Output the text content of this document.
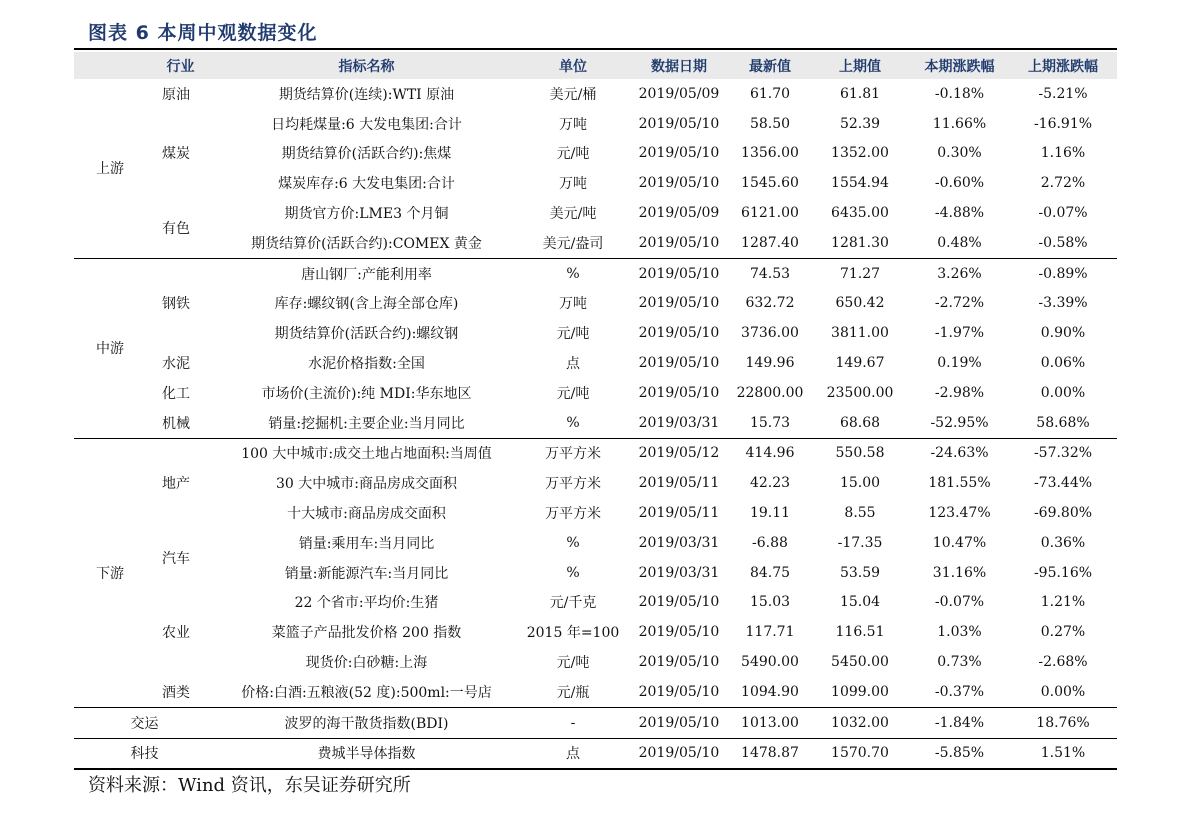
图表 6 本周中观数据变化
	行业	指标名称	单位	数据日期	最新值	上期值	本期涨跌幅	上期涨跌幅
上游	原油	期货结算价(连续):WTI 原油	美元/桶	2019/05/09	61.70	61.81	-0.18%	-5.21%
	煤炭	日均耗煤量:6 大发电集团:合计	万吨	2019/05/10	58.50	52.39	11.66%	-16.91%
		期货结算价(活跃合约):焦煤	元/吨	2019/05/10	1356.00	1352.00	0.30%	1.16%
		煤炭库存:6 大发电集团:合计	万吨	2019/05/10	1545.60	1554.94	-0.60%	2.72%
	有色	期货官方价:LME3 个月铜	美元/吨	2019/05/09	6121.00	6435.00	-4.88%	-0.07%
		期货结算价(活跃合约):COMEX 黄金	美元/盎司	2019/05/10	1287.40	1281.30	0.48%	-0.58%
中游	钢铁	唐山钢厂:产能利用率	%	2019/05/10	74.53	71.27	3.26%	-0.89%
		库存:螺纹钢(含上海全部仓库)	万吨	2019/05/10	632.72	650.42	-2.72%	-3.39%
		期货结算价(活跃合约):螺纹钢	元/吨	2019/05/10	3736.00	3811.00	-1.97%	0.90%
	水泥	水泥价格指数:全国	点	2019/05/10	149.96	149.67	0.19%	0.06%
	化工	市场价(主流价):纯 MDI:华东地区	元/吨	2019/05/10	22800.00	23500.00	-2.98%	0.00%
	机械	销量:挖掘机:主要企业:当月同比	%	2019/03/31	15.73	68.68	-52.95%	58.68%
下游	地产	100 大中城市:成交土地占地面积:当周值	万平方米	2019/05/12	414.96	550.58	-24.63%	-57.32%
		30 大中城市:商品房成交面积	万平方米	2019/05/11	42.23	15.00	181.55%	-73.44%
		十大城市:商品房成交面积	万平方米	2019/05/11	19.11	8.55	123.47%	-69.80%
	汽车	销量:乘用车:当月同比	%	2019/03/31	-6.88	-17.35	10.47%	0.36%
		销量:新能源汽车:当月同比	%	2019/03/31	84.75	53.59	31.16%	-95.16%
	农业	22 个省市:平均价:生猪	元/千克	2019/05/10	15.03	15.04	-0.07%	1.21%
		菜篮子产品批发价格 200 指数	2015 年=100	2019/05/10	117.71	116.51	1.03%	0.27%
		现货价:白砂糖:上海	元/吨	2019/05/10	5490.00	5450.00	0.73%	-2.68%
	酒类	价格:白酒:五粮液(52 度):500ml:一号店	元/瓶	2019/05/10	1094.90	1099.00	-0.37%	0.00%
交运		波罗的海干散货指数(BDI)	-	2019/05/10	1013.00	1032.00	-1.84%	18.76%
科技		费城半导体指数	点	2019/05/10	1478.87	1570.70	-5.85%	1.51%
资料来源：Wind 资讯，东吴证券研究所
